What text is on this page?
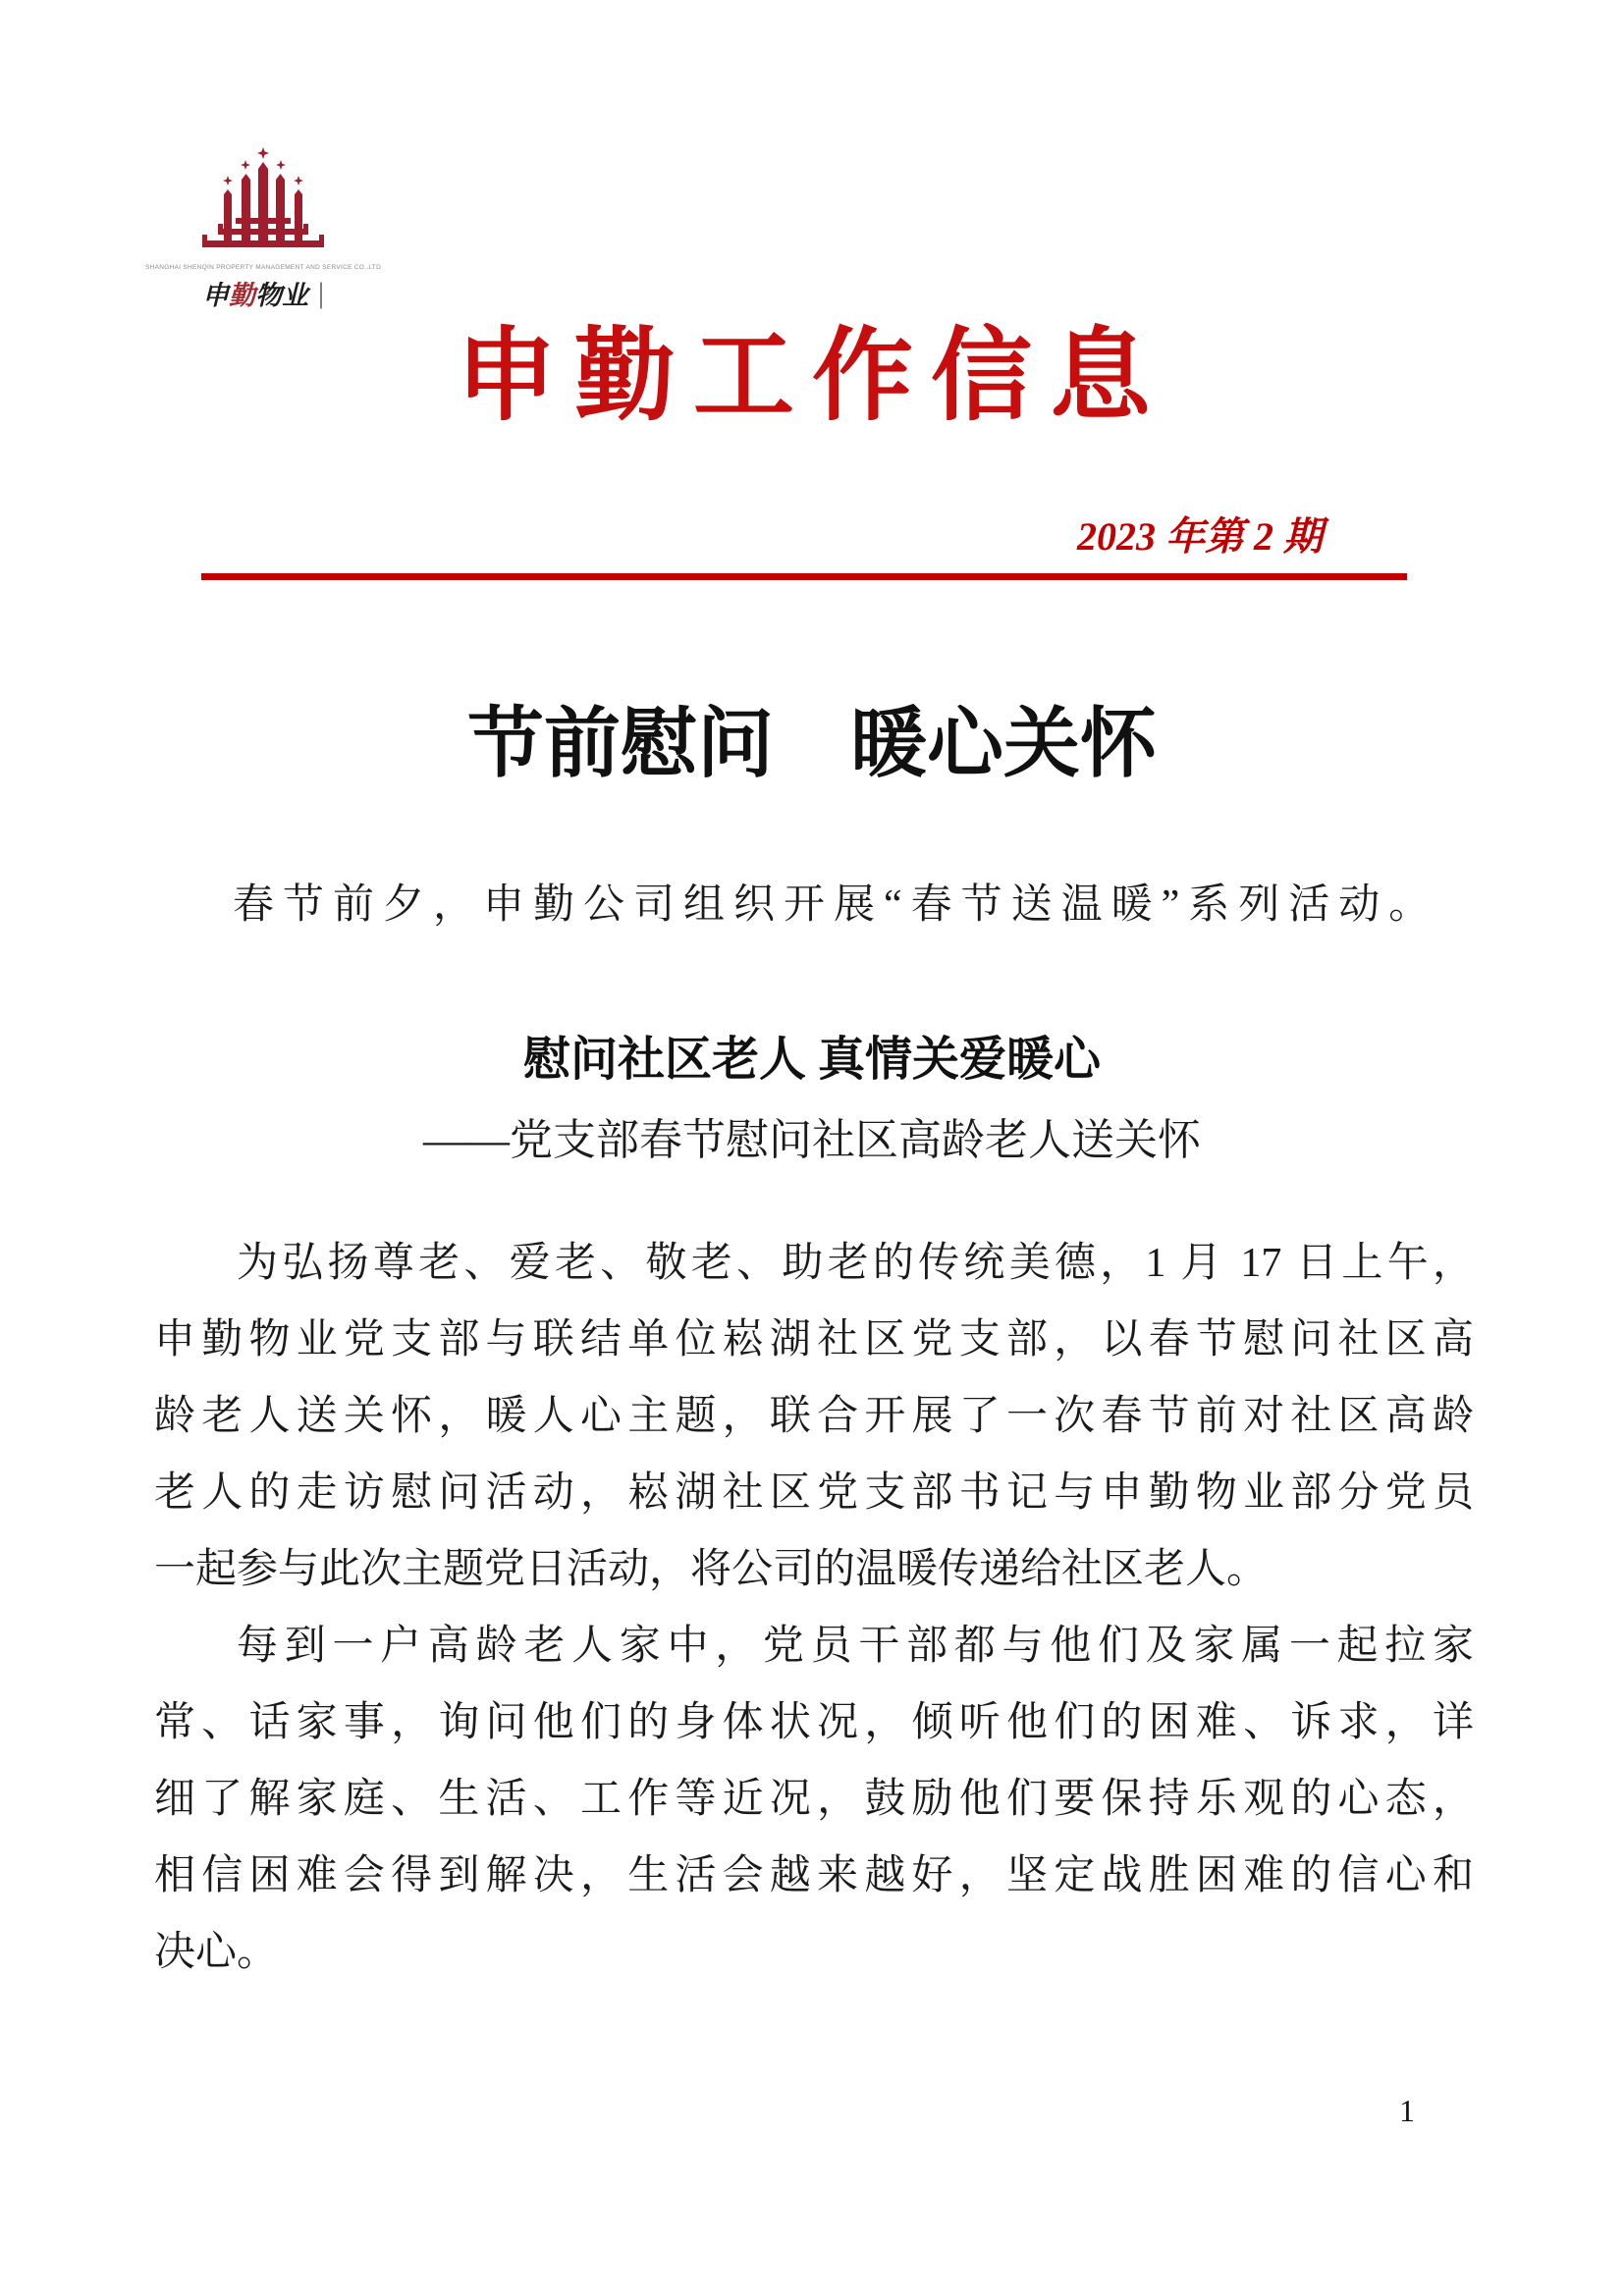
SHANGHAI SHENQIN PROPERTY MANAGEMENT AND SERVICE CO.,LTD
申 勤 物业 |
申勤工作信息
2023 年第 2 期
节前慰问　暖心关怀
春节前夕，申勤公司组织开展“春节送温暖”系列活动。
慰问社区老人 真情关爱暖心
——党支部春节慰问社区高龄老人送关怀
为弘扬尊老、爱老、敬老、助老的传统美德，1 月 17 日上午，
申勤物业党支部与联结单位崧湖社区党支部，以春节慰问社区高
龄老人送关怀，暖人心主题，联合开展了一次春节前对社区高龄
老人的走访慰问活动，崧湖社区党支部书记与申勤物业部分党员
一起参与此次主题党日活动，将公司的温暖传递给社区老人。
每到一户高龄老人家中，党员干部都与他们及家属一起拉家
常、话家事，询问他们的身体状况，倾听他们的困难、诉求，详
细了解家庭、生活、工作等近况，鼓励他们要保持乐观的心态，
相信困难会得到解决，生活会越来越好，坚定战胜困难的信心和
决心。
1
